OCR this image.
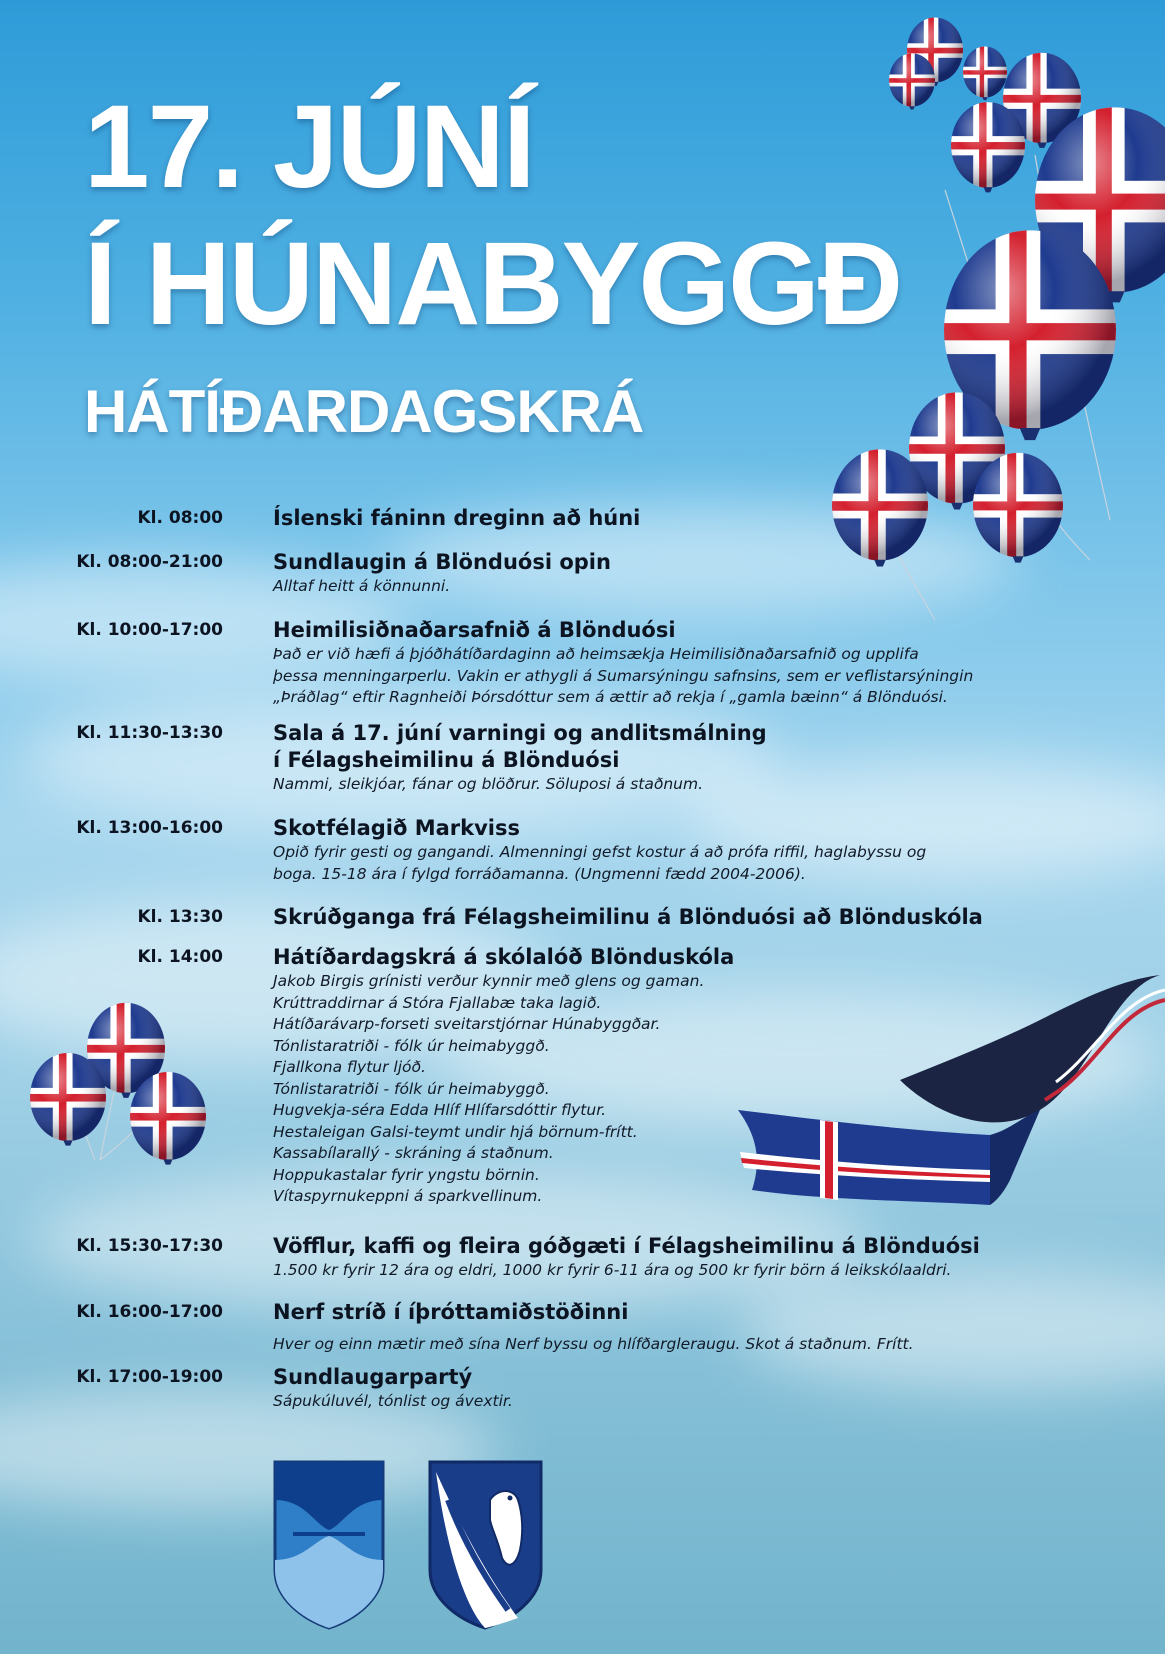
17. JÚNÍ
Í HÚNABYGGÐ
HÁTÍÐARDAGSKRÁ
Kl. 08:00 Íslenski fáninn dreginn að húni
Kl. 08:00-21:00 Sundlaugin á Blönduósi opin
Alltaf heitt á könnunni.
Kl. 10:00-17:00 Heimilisiðnaðarsafnið á Blönduósi
Það er við hæfi á þjóðhátíðardaginn að heimsækja Heimilisiðnaðarsafnið og upplifa
þessa menningarperlu. Vakin er athygli á Sumarsýningu safnsins, sem er veflistarsýningin
„Þráðlag“ eftir Ragnheiði Þórsdóttur sem á ættir að rekja í „gamla bæinn“ á Blönduósi.
Kl. 11:30-13:30 Sala á 17. júní varningi og andlitsmálning
í Félagsheimilinu á Blönduósi
Nammi, sleikjóar, fánar og blöðrur. Söluposi á staðnum.
Kl. 13:00-16:00 Skotfélagið Markviss
Opið fyrir gesti og gangandi. Almenningi gefst kostur á að prófa riffil, haglabyssu og
boga. 15-18 ára í fylgd forráðamanna. (Ungmenni fædd 2004-2006).
Kl. 13:30 Skrúðganga frá Félagsheimilinu á Blönduósi að Blönduskóla
Kl. 14:00 Hátíðardagskrá á skólalóð Blönduskóla
Jakob Birgis grínisti verður kynnir með glens og gaman.
Krúttraddirnar á Stóra Fjallabæ taka lagið.
Hátíðarávarp-forseti sveitarstjórnar Húnabyggðar.
Tónlistaratriði - fólk úr heimabyggð.
Fjallkona flytur ljóð.
Tónlistaratriði - fólk úr heimabyggð.
Hugvekja-séra Edda Hlíf Hlífarsdóttir flytur.
Hestaleigan Galsi-teymt undir hjá börnum-frítt.
Kassabílarallý - skráning á staðnum.
Hoppukastalar fyrir yngstu börnin.
Vítaspyrnukeppni á sparkvellinum.
Kl. 15:30-17:30 Vöfflur, kaffi og fleira góðgæti í Félagsheimilinu á Blönduósi
1.500 kr fyrir 12 ára og eldri, 1000 kr fyrir 6-11 ára og 500 kr fyrir börn á leikskólaaldri.
Kl. 16:00-17:00 Nerf stríð í íþróttamiðstöðinni
Hver og einn mætir með sína Nerf byssu og hlífðargleraugu. Skot á staðnum. Frítt.
Kl. 17:00-19:00 Sundlaugarpartý
Sápukúluvél, tónlist og ávextir.
